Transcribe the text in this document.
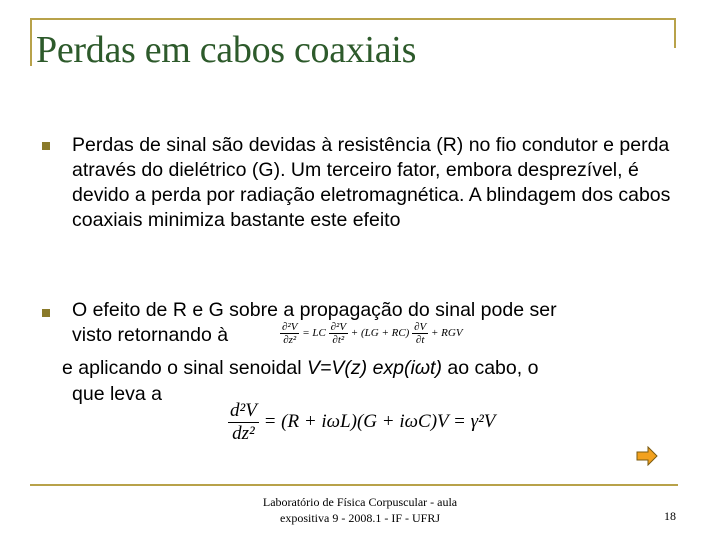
Perdas em cabos coaxiais
Perdas de sinal são devidas à resistência (R) no fio condutor e perda através do dielétrico (G). Um terceiro fator, embora desprezível, é devido a perda por radiação eletromagnética. A blindagem dos cabos coaxiais minimiza bastante este efeito
O efeito de R e G sobre a propagação do sinal pode ser
visto retornando à	$\frac{\text{∂²V}}{\text{∂z²}}$ = LC $\frac{\text{∂²V}}{\text{∂t²}} + (LG + RC) \frac{\partial V}{\partial t}$ + RGV
e aplicando o sinal senoidal V=V(z) exp(iωt) ao cabo, o
que leva a
$\frac{\text{d²V}}{\text{dz²}} = (R + i\omega L)(G + i\omega C)V = \gamma^2V$
Laboratório de Física Corpuscular - aula
expositiva 9 - 2008.1 - IF - UFRJ	18
